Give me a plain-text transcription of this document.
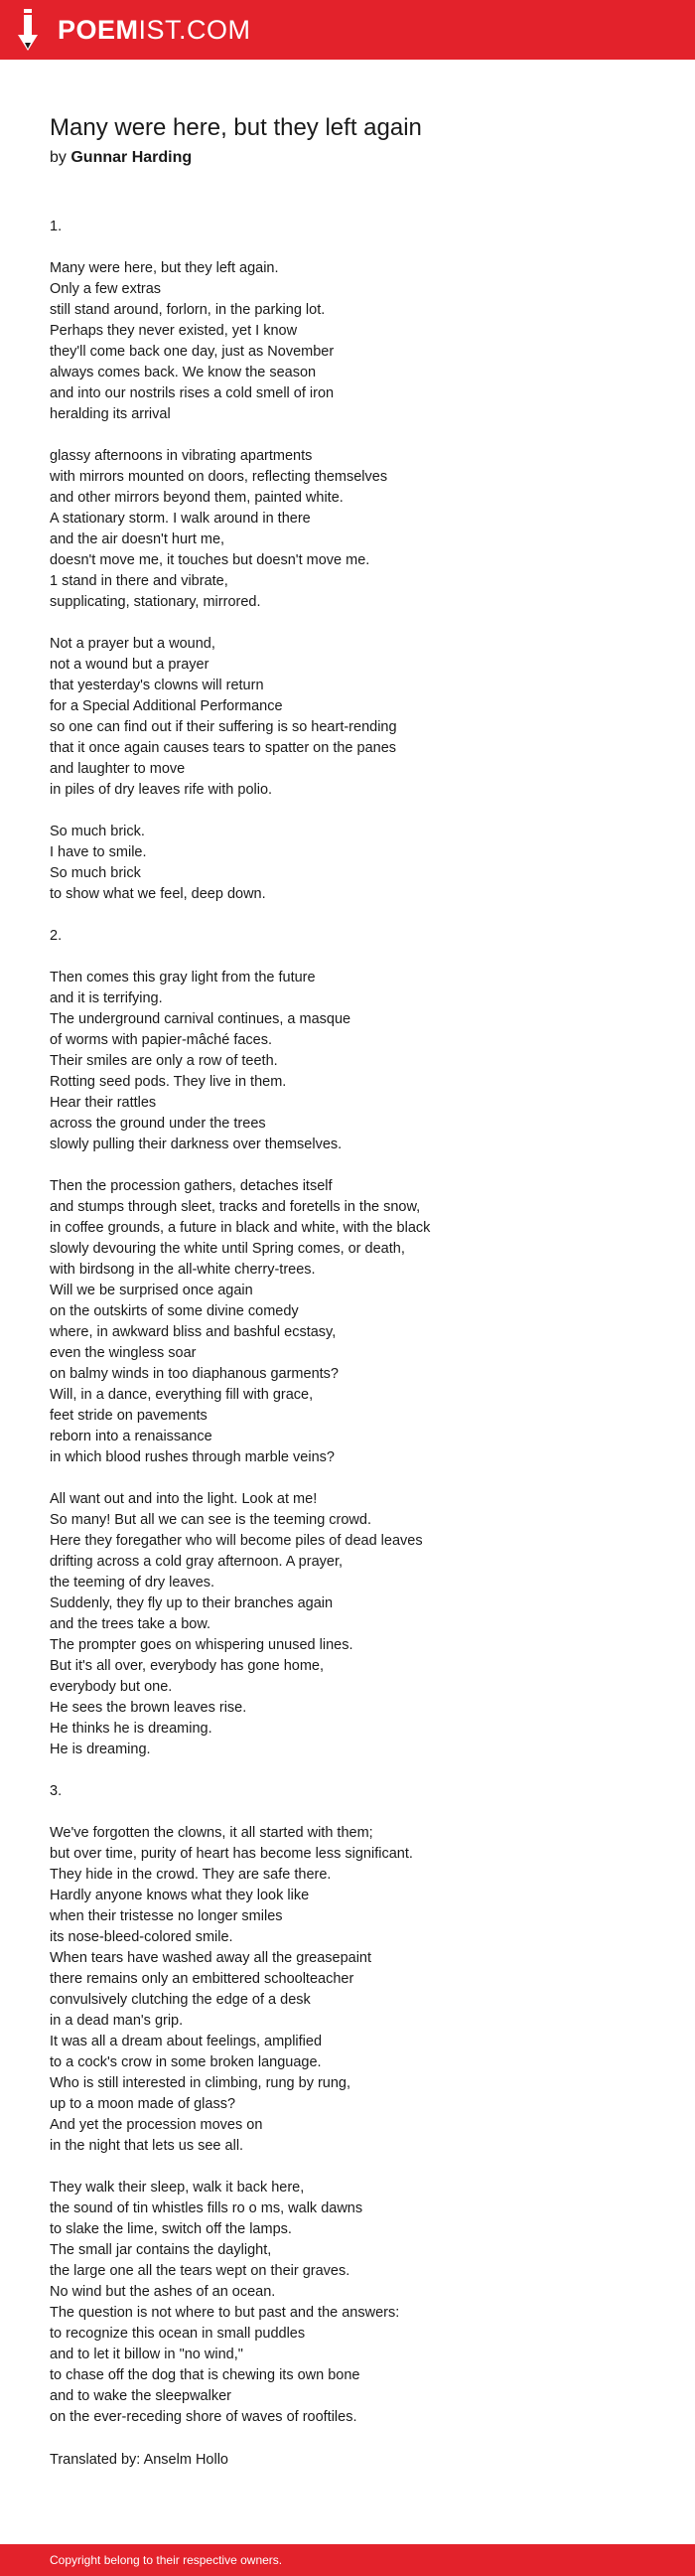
POEMIST.COM
Many were here, but they left again
by Gunnar Harding
1.

Many were here, but they left again.
Only a few extras
still stand around, forlorn, in the parking lot.
Perhaps they never existed, yet I know
they'll come back one day, just as November
always comes back. We know the season
and into our nostrils rises a cold smell of iron
heralding its arrival

glassy afternoons in vibrating apartments
with mirrors mounted on doors, reflecting themselves
and other mirrors beyond them, painted white.
A stationary storm. I walk around in there
and the air doesn't hurt me,
doesn't move me, it touches but doesn't move me.
1 stand in there and vibrate,
supplicating, stationary, mirrored.

Not a prayer but a wound,
not a wound but a prayer
that yesterday's clowns will return
for a Special Additional Performance
so one can find out if their suffering is so heart-rending
that it once again causes tears to spatter on the panes
and laughter to move
in piles of dry leaves rife with polio.

So much brick.
I have to smile.
So much brick
to show what we feel, deep down.

2.

Then comes this gray light from the future
and it is terrifying.
The underground carnival continues, a masque
of worms with papier-mâché faces.
Their smiles are only a row of teeth.
Rotting seed pods. They live in them.
Hear their rattles
across the ground under the trees
slowly pulling their darkness over themselves.

Then the procession gathers, detaches itself
and stumps through sleet, tracks and foretells in the snow,
in coffee grounds, a future in black and white, with the black
slowly devouring the white until Spring comes, or death,
with birdsong in the all-white cherry-trees.
Will we be surprised once again
on the outskirts of some divine comedy
where, in awkward bliss and bashful ecstasy,
even the wingless soar
on balmy winds in too diaphanous garments?
Will, in a dance, everything fill with grace,
feet stride on pavements
reborn into a renaissance
in which blood rushes through marble veins?

All want out and into the light. Look at me!
So many! But all we can see is the teeming crowd.
Here they foregather who will become piles of dead leaves
drifting across a cold gray afternoon. A prayer,
the teeming of dry leaves.
Suddenly, they fly up to their branches again
and the trees take a bow.
The prompter goes on whispering unused lines.
But it's all over, everybody has gone home,
everybody but one.
He sees the brown leaves rise.
He thinks he is dreaming.
He is dreaming.

3.

We've forgotten the clowns, it all started with them;
but over time, purity of heart has become less significant.
They hide in the crowd. They are safe there.
Hardly anyone knows what they look like
when their tristesse no longer smiles
its nose-bleed-colored smile.
When tears have washed away all the greasepaint
there remains only an embittered schoolteacher
convulsively clutching the edge of a desk
in a dead man's grip.
It was all a dream about feelings, amplified
to a cock's crow in some broken language.
Who is still interested in climbing, rung by rung,
up to a moon made of glass?
And yet the procession moves on
in the night that lets us see all.

They walk their sleep, walk it back here,
the sound of tin whistles fills ro o ms, walk dawns
to slake the lime, switch off the lamps.
The small jar contains the daylight,
the large one all the tears wept on their graves.
No wind but the ashes of an ocean.
The question is not where to but past and the answers:
to recognize this ocean in small puddles
and to let it billow in "no wind,"
to chase off the dog that is chewing its own bone
and to wake the sleepwalker
on the ever-receding shore of waves of rooftiles.
Translated by: Anselm Hollo
Copyright belong to their respective owners.
